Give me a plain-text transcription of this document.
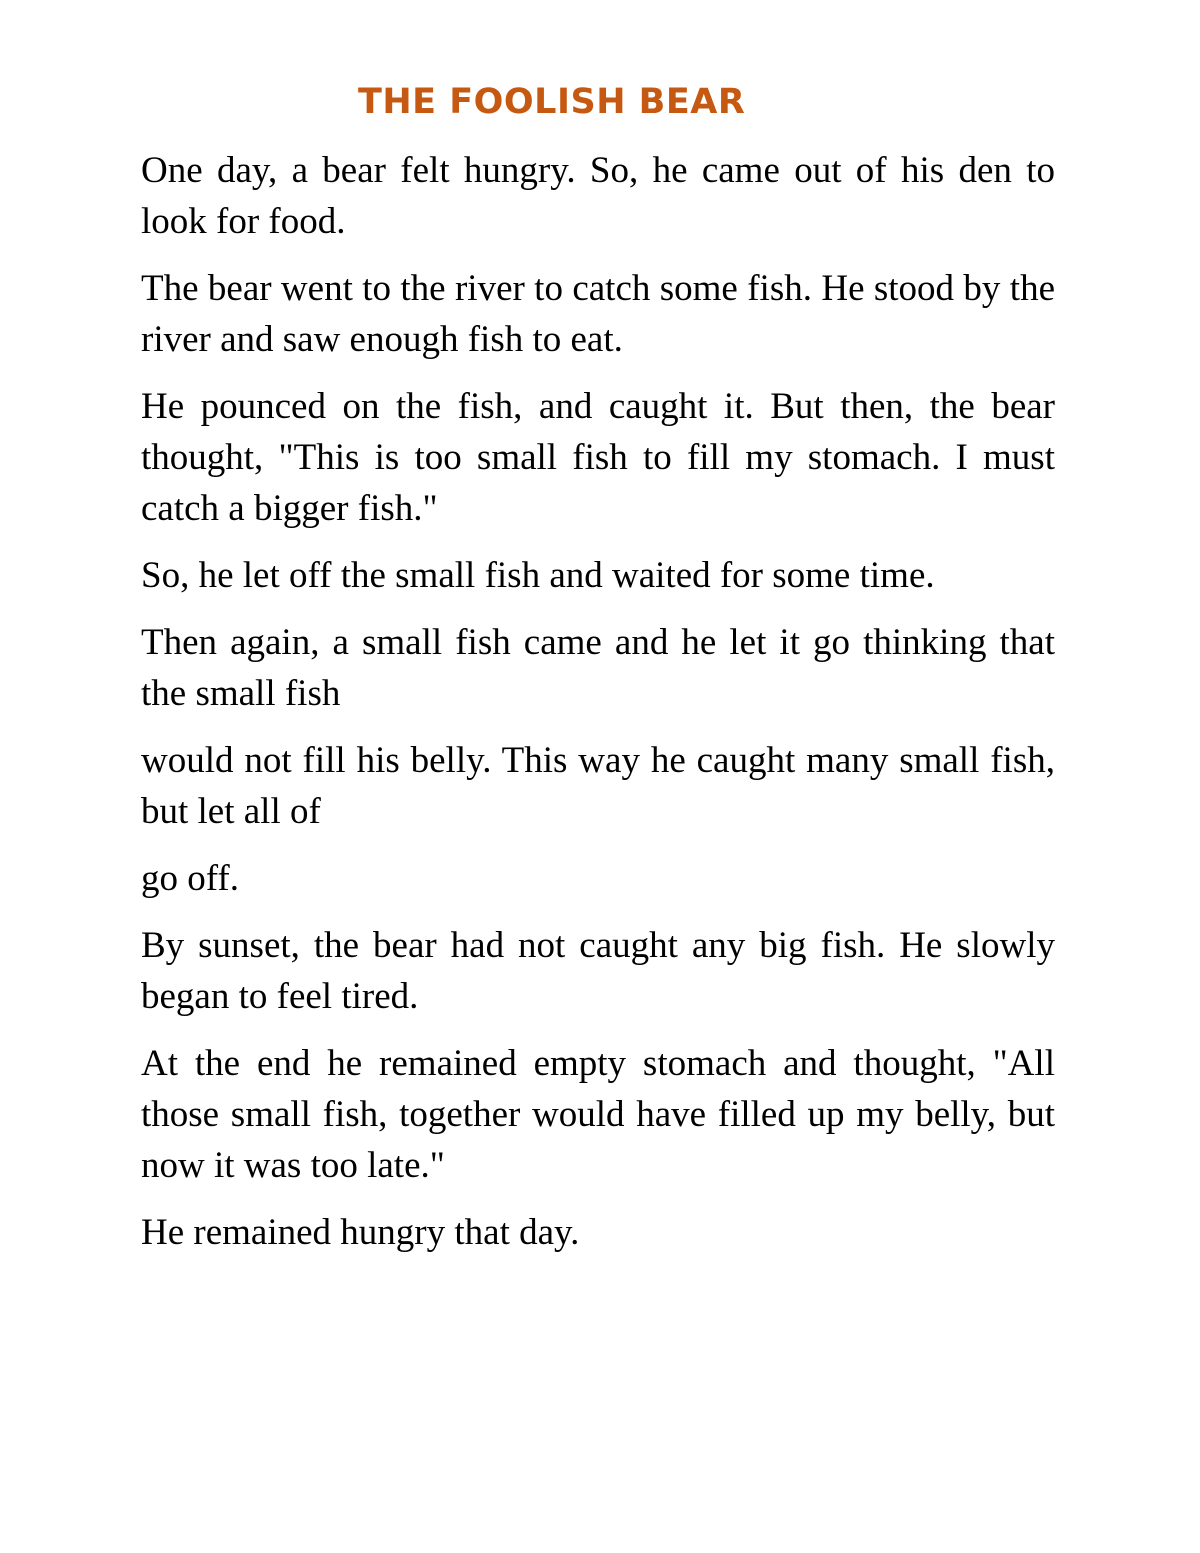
THE FOOLISH BEAR

One day, a bear felt hungry. So, he came out of his den to look for food.

The bear went to the river to catch some fish. He stood by the river and saw enough fish to eat.

He pounced on the fish, and caught it. But then, the bear thought, "This is too small fish to fill my stomach. I must catch a bigger fish."

So, he let off the small fish and waited for some time.

Then again, a small fish came and he let it go thinking that the small fish

would not fill his belly. This way he caught many small fish, but let all of

go off.

By sunset, the bear had not caught any big fish. He slowly began to feel tired.

At the end he remained empty stomach and thought, "All those small fish, together would have filled up my belly, but now it was too late."

He remained hungry that day.
